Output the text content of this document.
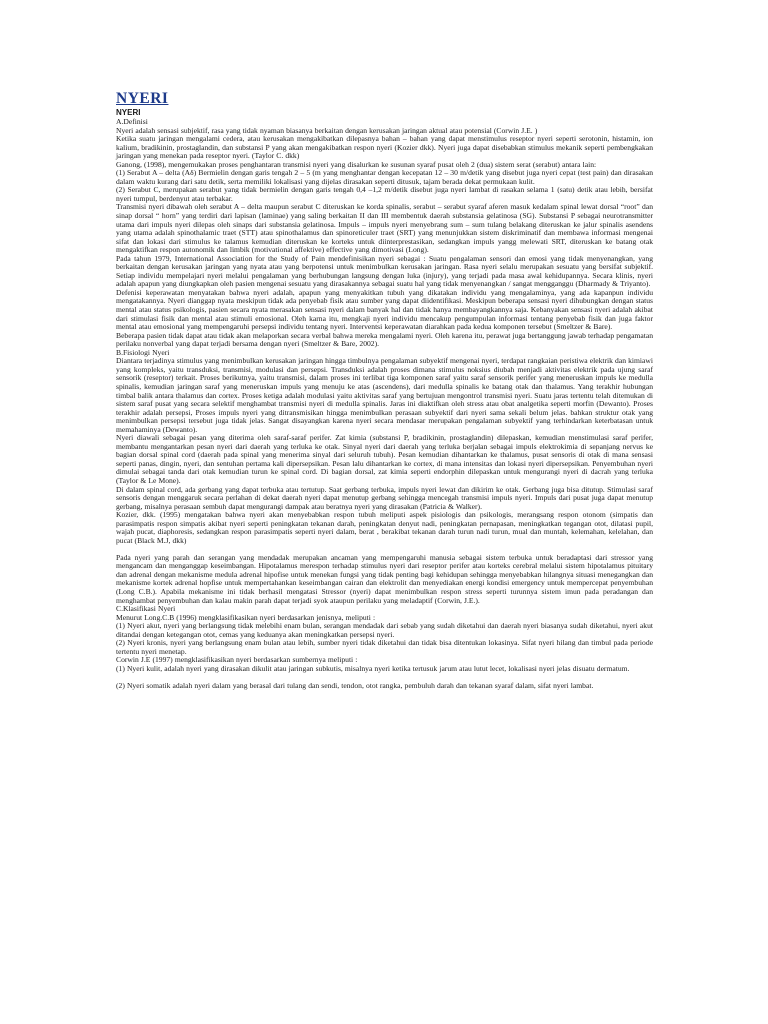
NYERI
NYERI

A.Definisi

Nyeri adalah sensasi subjektif, rasa yang tidak nyaman biasanya berkaitan dengan kerusakan jaringan aktual atau potensial (Corwin J.E. )

Ketika suatu jaringan mengalami cedera, atau kerusakan mengakibatkan dilepasnya bahan – bahan yang dapat menstimulus reseptor nyeri seperti serotonin, histamin, ion kalium, bradikinin, prostaglandin, dan substansi P yang akan mengakibatkan respon nyeri (Kozier dkk). Nyeri juga dapat disebabkan stimulus mekanik seperti pembengkakan jaringan yang menekan pada reseptor nyeri. (Taylor C. dkk)

Ganong, (1998), mengemukakan proses penghantaran transmisi nyeri yang disalurkan ke susunan syaraf pusat oleh 2 (dua) sistem serat (serabut) antara lain:

(1) Serabut A – delta (Aδ) Bermielin dengan garis tengah 2 – 5 (m yang menghantar dengan kecepatan 12 – 30 m/detik yang disebut juga nyeri cepat (test pain) dan dirasakan dalam waktu kurang dari satu detik, serta memiliki lokalisasi yang dijelas dirasakan seperti ditusuk, tajam berada dekat permukaan kulit.

(2) Serabut C, merupakan serabut yang tidak bermielin dengan garis tengah 0,4 –1,2 m/detik disebut juga nyeri lambat di rasakan selama 1 (satu) detik atau lebih, bersifat nyeri tumpul, berdenyut atau terbakar.

Transmisi nyeri dibawah oleh serabut A – delta maupun serabut C diteruskan ke korda spinalis, serabut – serabut syaraf aferen masuk kedalam spinal lewat dorsal “root” dan sinap dorsal “ horn” yang terdiri dari lapisan (laminae) yang saling berkaitan II dan III membentuk daerah substansia gelatinosa (SG). Substansi P sebagai neurotransmitter utama dari impuls nyeri dilepas oleh sinaps dari substansia gelatinosa. Impuls – impuls nyeri menyebrang sum – sum tulang belakang diteruskan ke jalur spinalis asendens yang utama adalah spinothalamic traet (STT) atau spinothalamus dan spinoreticuler traet (SRT) yang menunjukkan sistem diskriminatif dan membawa informasi mengenai sifat dan lokasi dari stimulus ke talamus kemudian diteruskan ke korteks untuk diinterprestasikan, sedangkan impuls yangg melewati SRT, diteruskan ke batang otak mengaktifkan respon autonomik dan limbik (motivational affektive) effective yang dimotivasi (Long).

Pada tahun 1979, International Association for the Study of Pain mendefinisikan nyeri sebagai : Suatu pengalaman sensori dan emosi yang tidak menyenangkan, yang berkaitan dengan kerusakan jaringan yang nyata atau yang berpotensi untuk menimbulkan kerusakan jaringan. Rasa nyeri selalu merupakan sesuatu yang bersifat subjektif. Setiap individu mempelajari nyeri melalui pengalaman yang berhubungan langsung dengan luka (injury), yang terjadi pada masa awal kehidupannya. Secara klinis, nyeri adalah apapun yang diungkapkan oleh pasien mengenai sesuatu yang dirasakannya sebagai suatu hal yang tidak menyenangkan / sangat mengganggu (Dharmady & Triyanto).

Defenisi keperawatan menyatakan bahwa nyeri adalah, apapun yang menyakitkan tubuh yang dikatakan individu yang mengalaminya, yang ada kapanpun individu mengatakannya. Nyeri dianggap nyata meskipun tidak ada penyebab fisik atau sumber yang dapat diidentifikasi. Meskipun beberapa sensasi nyeri dihubungkan dengan status mental atau status psikologis, pasien secara nyata merasakan sensasi nyeri dalam banyak hal dan tidak hanya membayangkannya saja. Kebanyakan sensasi nyeri adalah akibat dari stimulasi fisik dan mental atau stimuli emosional. Oleh karna itu, mengkaji nyeri individu mencakup pengumpulan informasi tentang penyebab fisik dan juga faktor mental atau emosional yang mempengaruhi persepsi individu tentang nyeri. Interventsi keperawatan diarahkan pada kedua komponen tersebut (Smeltzer & Bare).

Beberapa pasien tidak dapat atau tidak akan melaporkan secara verbal bahwa mereka mengalami nyeri. Oleh karena itu, perawat juga bertanggung jawab terhadap pengamatan perilaku nonverbal yang dapat terjadi bersama dengan nyeri (Smeltzer & Bare, 2002).

B.Fisiologi Nyeri

Diantara terjadinya stimulus yang menimbulkan kerusakan jaringan hingga timbulnya pengalaman subyektif mengenai nyeri, terdapat rangkaian peristiwa elektrik dan kimiawi yang kompleks, yaitu transduksi, transmisi, modulasi dan persepsi. Transduksi adalah proses dimana stimulus noksius diubah menjadi aktivitas elektrik pada ujung saraf sensorik (reseptor) terkait. Proses berikutnya, yaitu transmisi, dalam proses ini terlibat tiga komponen saraf yaitu saraf sensorik perifer yang meneruskan impuls ke medulla spinalis, kemudian jaringan saraf yang meneruskan impuls yang menuju ke atas (ascendens), dari medulla spinalis ke batang otak dan thalamus. Yang terakhir hubungan timbal balik antara thalamus dan cortex. Proses ketiga adalah modulasi yaitu aktivitas saraf yang bertujuan mengontrol transmisi nyeri. Suatu jaras tertentu telah ditemukan di sistem saraf pusat yang secara selektif menghambat transmisi nyeri di medulla spinalis. Jaras ini diaktifkan oleh stress atau obat analgetika seperti morfin (Dewanto). Proses terakhir adalah persepsi, Proses impuls nyeri yang ditransmisikan hingga menimbulkan perasaan subyektif dari nyeri sama sekali belum jelas. bahkan struktur otak yang menimbulkan persepsi tersebut juga tidak jelas. Sangat disayangkan karena nyeri secara mendasar merupakan pengalaman subyektif yang terhindarkan keterbatasan untuk memahaminya (Dewanto).

Nyeri diawali sebagai pesan yang diterima oleh saraf-saraf perifer. Zat kimia (substansi P, bradikinin, prostaglandin) dilepaskan, kemudian menstimulasi saraf perifer, membantu mengantarkan pesan nyeri dari daerah yang terluka ke otak. Sinyal nyeri dari daerah yang terluka berjalan sebagai impuls elektrokimia di sepanjang nervus ke bagian dorsal spinal cord (daerah pada spinal yang menerima sinyal dari seluruh tubuh). Pesan kemudian dihantarkan ke thalamus, pusat sensoris di otak di mana sensasi seperti panas, dingin, nyeri, dan sentuhan pertama kali dipersepsikan. Pesan lalu dihantarkan ke cortex, di mana intensitas dan lokasi nyeri dipersepsikan. Penyembuhan nyeri dimulai sebagai tanda dari otak kemudian turun ke spinal cord. Di bagian dorsal, zat kimia seperti endorphin dilepaskan untuk mengurangi nyeri di dacrah yang terluka (Taylor & Le Mone).

Di dalam spinal cord, ada gerbang yang dapat terbuka atau tertutup. Saat gerbang terbuka, impuls nyeri lewat dan dikirim ke otak. Gerbang juga bisa ditutup. Stimulasi saraf sensoris dengan menggaruk secara perlahan di dekat daerah nyeri dapat menutup gerbang sehingga mencegah transmisi impuls nyeri. Impuls dari pusat juga dapat menutup gerbang, misalnya perasaan sembuh dapat mengurangi dampak atau beratnya nyeri yang dirasakan (Patricia & Walker).

Kozier, dkk. (1995) mengatakan bahwa nyeri akan menyebabkan respon tubuh meliputi aspek pisiologis dan psikologis, merangsang respon otonom (simpatis dan parasimpatis respon simpatis akibat nyeri seperti peningkatan tekanan darah, peningkatan denyut nadi, peningkatan pernapasan, meningkatkan tegangan otot, dilatasi pupil, wajah pucat, diaphoresis, sedangkan respon parasimpatis seperti nyeri dalam, berat , berakibat tekanan darah turun nadi turun, mual dan muntah, kelemahan, kelelahan, dan pucat (Black M.J, dkk)

Pada nyeri yang parah dan serangan yang mendadak merupakan ancaman yang mempengaruhi manusia sebagai sistem terbuka untuk beradaptasi dari stressor yang mengancam dan menganggap keseimbangan. Hipotalamus merespon terhadap stimulus nyeri dari reseptor perifer atau korteks cerebral melalui sistem hipotalamus pituitary dan adrenal dengan mekanisme medula adrenal hipofise untuk menekan fungsi yang tidak penting bagi kehidupan sehingga menyebabkan hilangnya situasi menegangkan dan mekanisme kortek adrenal hopfise untuk mempertahankan keseimbangan cairan dan elektrolit dan menyediakan energi kondisi emergency untuk mempercepat penyembuhan (Long C.B.). Apabila mekanisme ini tidak berhasil mengatasi Stressor (nyeri) dapat menimbulkan respon stress seperti turunnya sistem imun pada peradangan dan menghambat penyembuhan dan kalau makin parah dapat terjadi syok ataupun perilaku yang meladaptif (Corwin, J.E.).

C.Klasifikasi Nyeri

Menurut Long.C.B (1996) mengklasifikasikan nyeri berdasarkan jenisnya, meliputi :

(1) Nyeri akut, nyeri yang berlangsung tidak melebihi enam bulan, serangan mendadak dari sebab yang sudah diketahui dan daerah nyeri biasanya sudah diketahui, nyeri akut ditandai dengan ketegangan otot, cemas yang keduanya akan meningkatkan persepsi nyeri.

(2) Nyeri kronis, nyeri yang berlangsung enam bulan atau lebih, sumber nyeri tidak diketahui dan tidak bisa ditentukan lokasinya. Sifat nyeri hilang dan timbul pada periode tertentu nyeri menetap.

Corwin J.E (1997) mengklasifikasikan nyeri berdasarkan sumbernya meliputi :

(1) Nyeri kulit, adalah nyeri yang dirasakan dikulit atau jaringan subkutis, misalnya nyeri ketika tertusuk jarum atau lutut lecet, lokalisasi nyeri jelas disuatu dermatum.

(2) Nyeri somatik adalah nyeri dalam yang berasal dari tulang dan sendi, tendon, otot rangka, pembuluh darah dan tekanan syaraf dalam, sifat nyeri lambat.
